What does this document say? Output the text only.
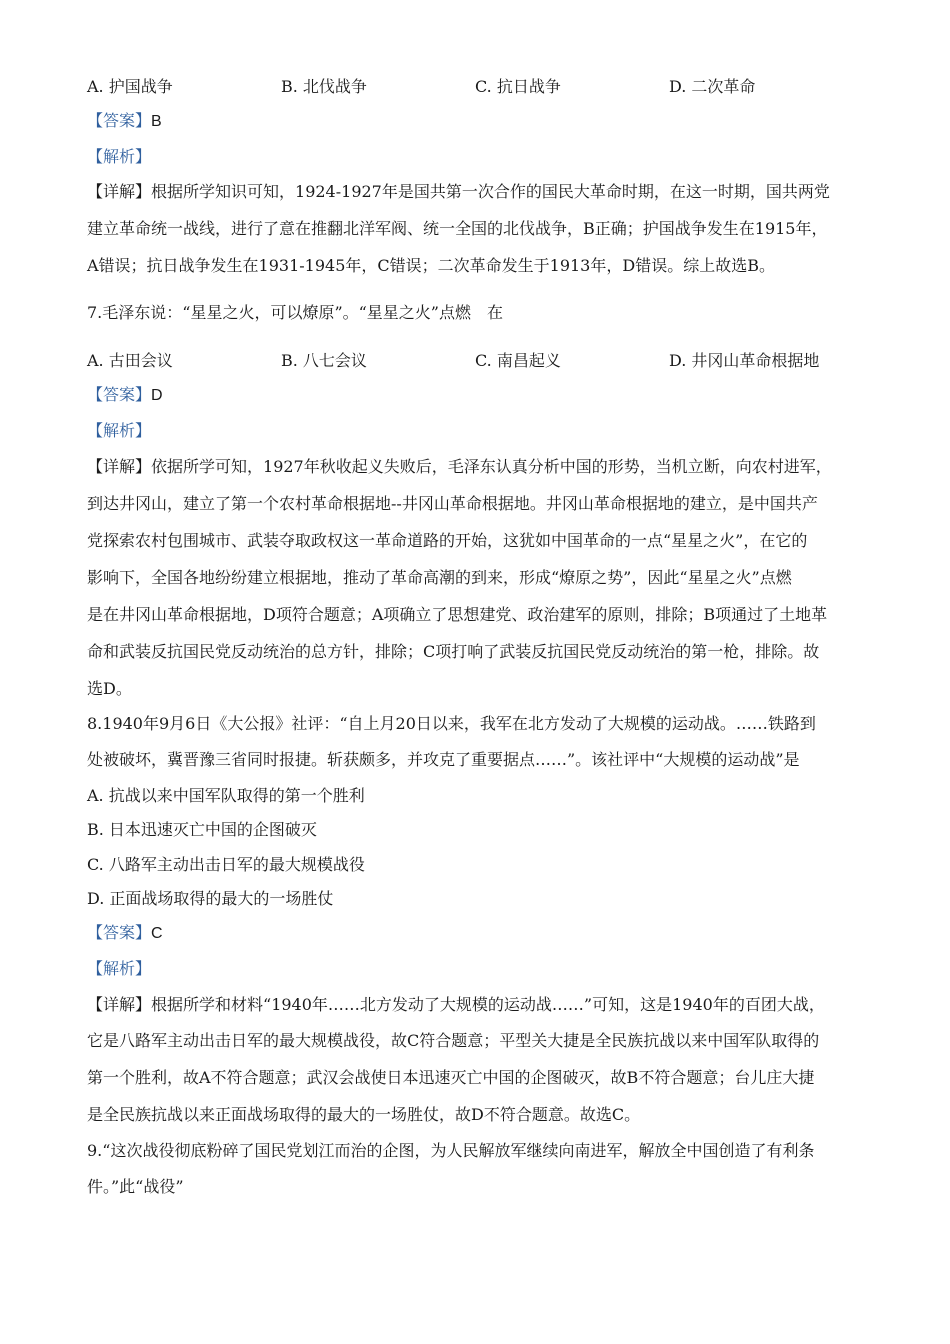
A. 护国战争	B. 北伐战争	C. 抗日战争	D. 二次革命
【答案】B
【解析】
【详解】根据所学知识可知，1924-1927年是国共第一次合作的国民大革命时期，在这一时期，国共两党
建立革命统一战线，进行了意在推翻北洋军阀、统一全国的北伐战争，B正确；护国战争发生在1915年，
A错误；抗日战争发生在1931-1945年，C错误；二次革命发生于1913年，D错误。综上故选B。
7.毛泽东说：“星星之火，可以燎原”。“星星之火”点燃　在
A. 古田会议	B. 八七会议	C. 南昌起义	D. 井冈山革命根据地
【答案】D
【解析】
【详解】依据所学可知，1927年秋收起义失败后，毛泽东认真分析中国的形势，当机立断，向农村进军，
到达井冈山，建立了第一个农村革命根据地--井冈山革命根据地。井冈山革命根据地的建立，是中国共产
党探索农村包围城市、武装夺取政权这一革命道路的开始，这犹如中国革命的一点“星星之火”，在它的
影响下，全国各地纷纷建立根据地，推动了革命高潮的到来，形成“燎原之势”，因此“星星之火”点燃
是在井冈山革命根据地，D项符合题意；A项确立了思想建党、政治建军的原则，排除；B项通过了土地革
命和武装反抗国民党反动统治的总方针，排除；C项打响了武装反抗国民党反动统治的第一枪，排除。故
选D。
8.1940年9月6日《大公报》社评：“自上月20日以来，我军在北方发动了大规模的运动战。……铁路到
处被破坏，冀晋豫三省同时报捷。斩获颇多，并攻克了重要据点……”。该社评中“大规模的运动战”是
A. 抗战以来中国军队取得的第一个胜利
B. 日本迅速灭亡中国的企图破灭
C. 八路军主动出击日军的最大规模战役
D. 正面战场取得的最大的一场胜仗
【答案】C
【解析】
【详解】根据所学和材料“1940年……北方发动了大规模的运动战……”可知，这是1940年的百团大战，
它是八路军主动出击日军的最大规模战役，故C符合题意；平型关大捷是全民族抗战以来中国军队取得的
第一个胜利，故A不符合题意；武汉会战使日本迅速灭亡中国的企图破灭，故B不符合题意；台儿庄大捷
是全民族抗战以来正面战场取得的最大的一场胜仗，故D不符合题意。故选C。
9.“这次战役彻底粉碎了国民党划江而治的企图，为人民解放军继续向南进军，解放全中国创造了有利条
件。”此“战役”
